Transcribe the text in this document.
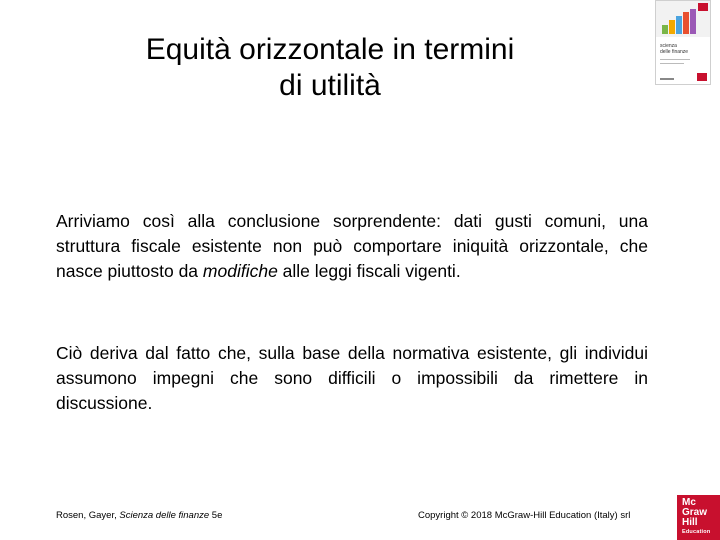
Equità orizzontale in termini
di utilità
Arriviamo così alla conclusione sorprendente: dati gusti comuni, una struttura fiscale esistente non può comportare iniquità orizzontale, che nasce piuttosto da modifiche alle leggi fiscali vigenti.
Ciò deriva dal fatto che, sulla base della normativa esistente, gli individui assumono impegni che sono difficili o impossibili da rimettere in discussione.
Rosen, Gayer, Scienza delle finanze 5e	Copyright © 2018 McGraw-Hill Education (Italy) srl
scienza
delle finanze
Mc
Graw
Hill
Education
